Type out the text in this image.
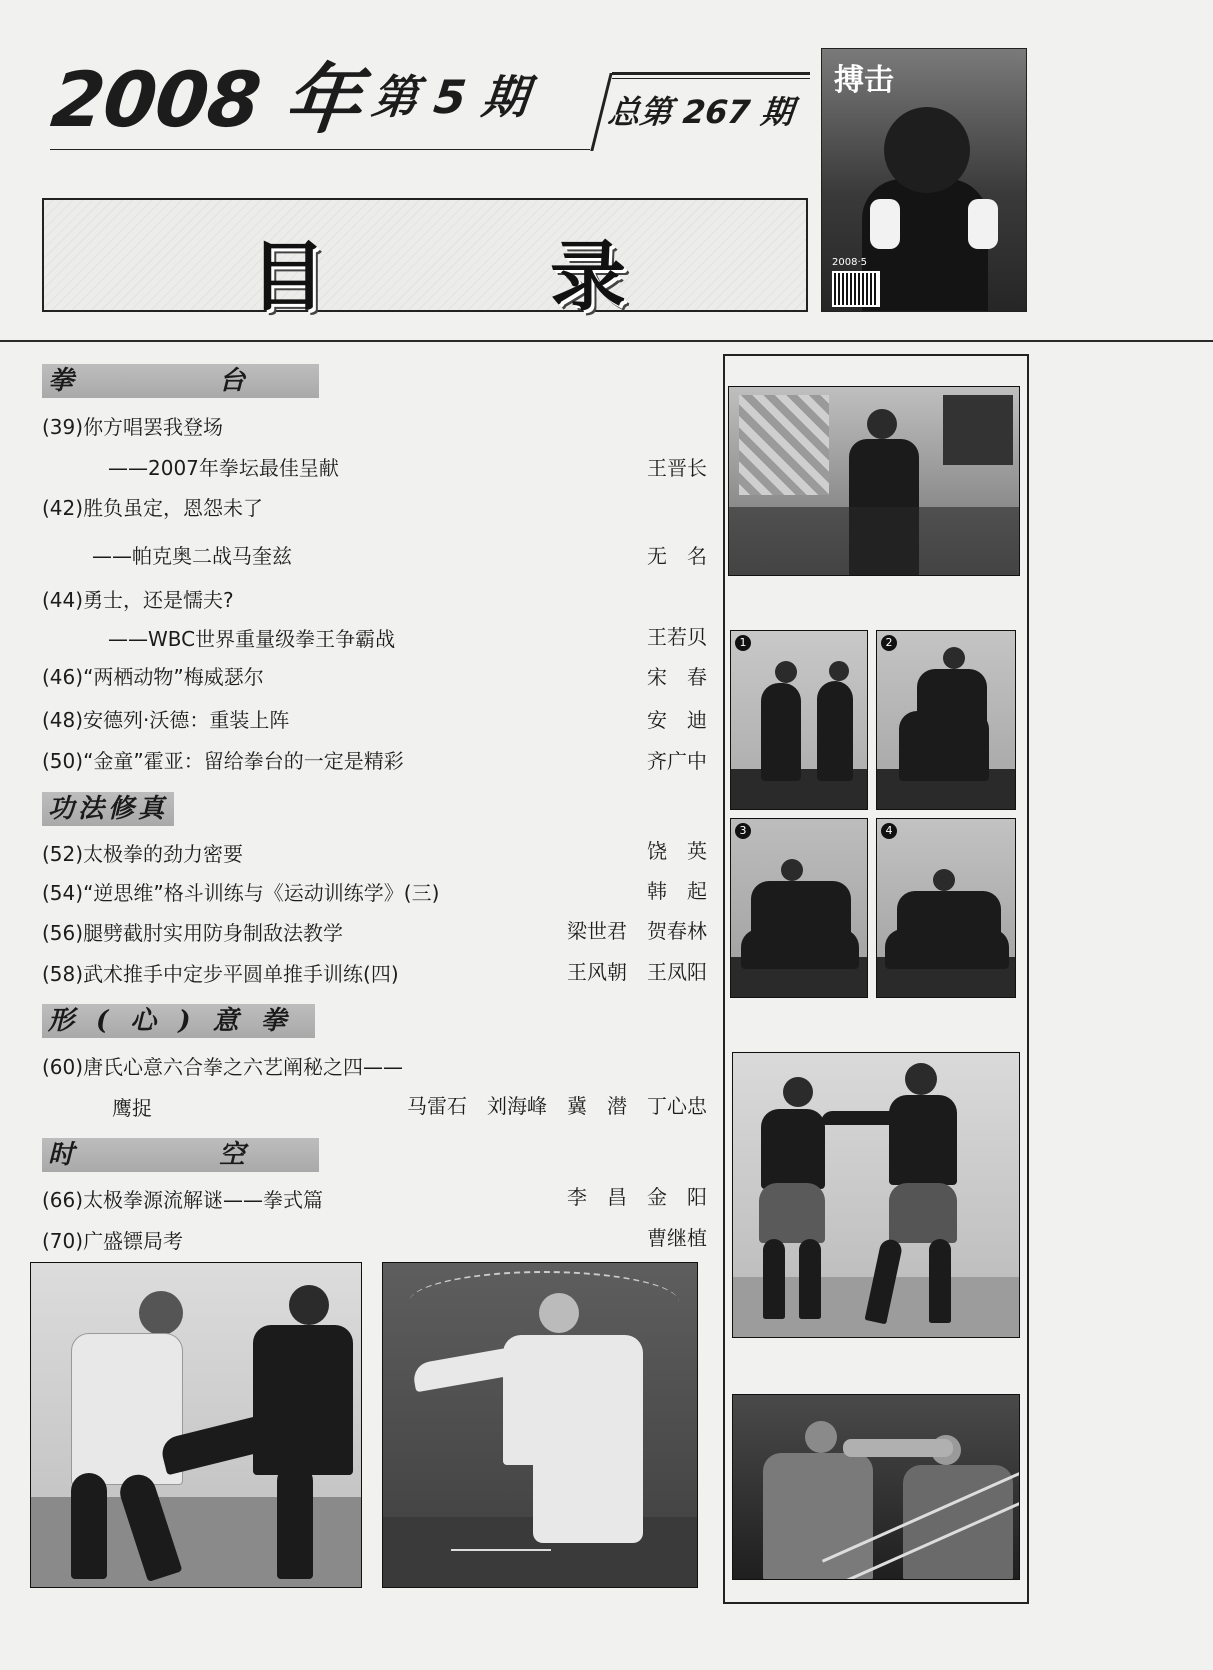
2008 年 第 5 期 总第 267 期
目	录
搏击
2008·5
拳 台
(39)你方唱罢我登场
——2007年拳坛最佳呈献	王晋长
(42)胜负虽定，恩怨未了
——帕克奥二战马奎兹	无　名
(44)勇士，还是懦夫?
——WBC世界重量级拳王争霸战	王若贝
(46)“两栖动物”梅威瑟尔	宋　春
(48)安德列·沃德：重装上阵	安　迪
(50)“金童”霍亚：留给拳台的一定是精彩	齐广中
功法修真
(52)太极拳的劲力密要	饶　英
(54)“逆思维”格斗训练与《运动训练学》(三)	韩　起
(56)腿劈截肘实用防身制敌法教学	梁世君　贺春林
(58)武术推手中定步平圆单推手训练(四)	王风朝　王凤阳
形(心)意拳
(60)唐氏心意六合拳之六艺阐秘之四——
鹰捉	马雷石　刘海峰　冀　潜　丁心忠
时 空
(66)太极拳源流解谜——拳式篇	李　昌　金　阳
(70)广盛镖局考	曹继植
1	2
3	4
